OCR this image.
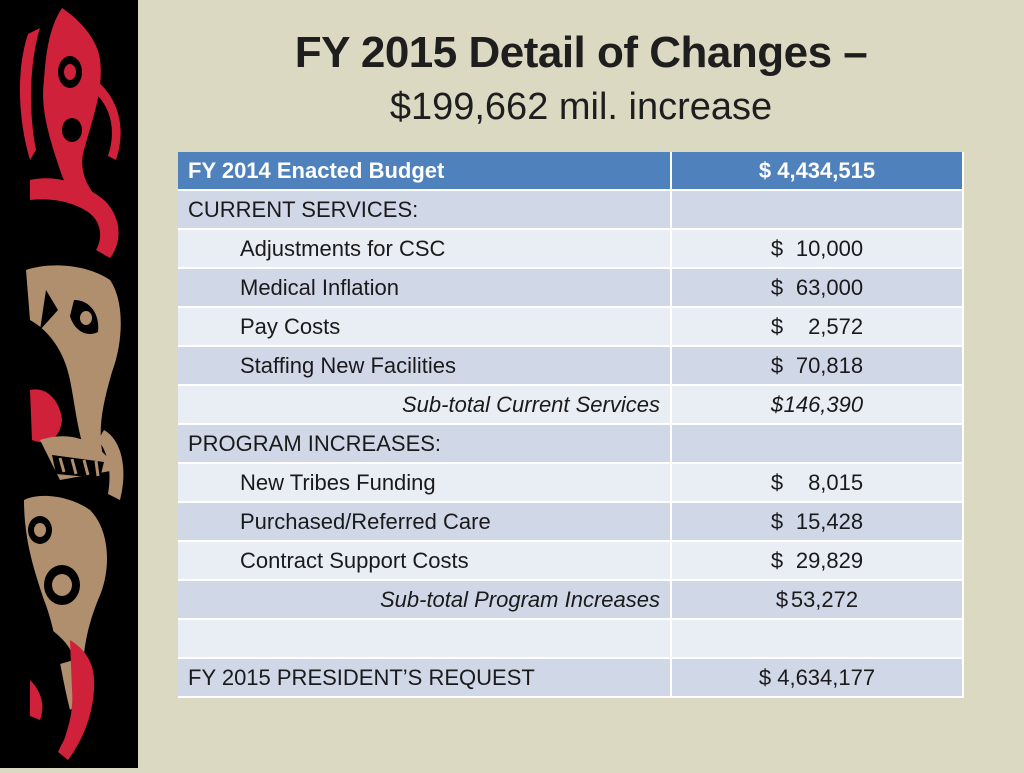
FY 2015 Detail of Changes –
$199,662 mil. increase
FY 2014 Enacted Budget	$ 4,434,515
CURRENT SERVICES:	
Adjustments for CSC	$ 10,000
Medical Inflation	$ 63,000
Pay Costs	$ 2,572
Staffing New Facilities	$ 70,818
Sub-total Current Services	$146,390
PROGRAM INCREASES:	
New Tribes Funding	$ 8,015
Purchased/Referred Care	$ 15,428
Contract Support Costs	$ 29,829
Sub-total Program Increases	$ 53,272

FY 2015 PRESIDENT’S REQUEST	$ 4,634,177
